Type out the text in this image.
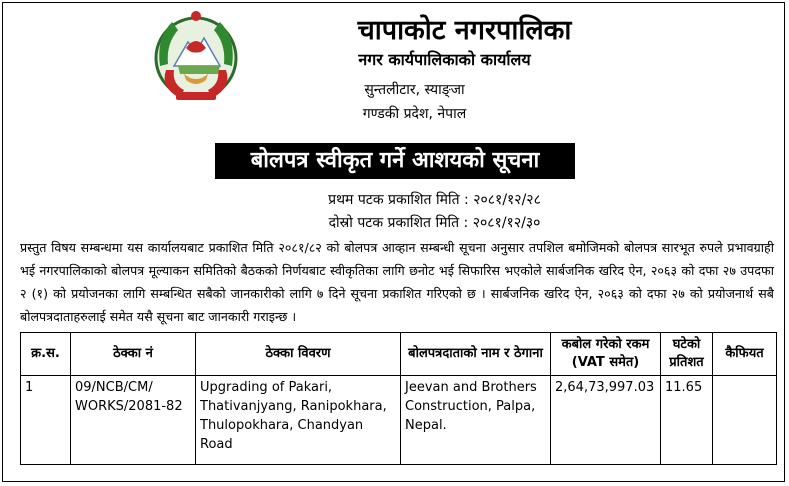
चापाकोट नगरपालिका
नगर कार्यपालिकाको कार्यालय
सुन्तलीटार, स्याङ्जा
गण्डकी प्रदेश, नेपाल
बोलपत्र स्वीकृत गर्ने आशयको सूचना
प्रथम पटक प्रकाशित मिति : २०८१/१२/२८
दोस्रो पटक प्रकाशित मिति : २०८१/१२/३०
प्रस्तुत विषय सम्बन्धमा यस कार्यालयबाट प्रकाशित मिति २०८१/८२ को बोलपत्र आव्हान सम्बन्धी सूचना अनुसार तपशिल बमोजिमको बोलपत्र सारभूत रुपले प्रभावग्राही भई नगरपालिकाको बोलपत्र मूल्याकन समितिको बैठकको निर्णयबाट स्वीकृतिका लागि छनोट भई सिफारिस भएकोले सार्बजनिक खरिद ऐन, २०६३ को दफा २७ उपदफा २ (१) को प्रयोजनका लागि सम्बन्धित सबैको जानकारीको लागि ७ दिने सूचना प्रकाशित गरिएको छ । सार्बजनिक खरिद ऐन, २०६३ को दफा २७ को प्रयोजनार्थ सबै बोलपत्रदाताहरुलाई समेत यसै सूचना बाट जानकारी गराइन्छ ।
क्र.स.	ठेक्का नं	ठेक्का विवरण	बोलपत्रदाताको नाम र ठेगाना	कबोल गरेको रकम (VAT समेत)	घटेको प्रतिशत	कैफियत
1	09/NCB/CM/ WORKS/2081-82	Upgrading of Pakari, Thativanjyang, Ranipokhara, Thulopokhara, Chandyan Road	Jeevan and Brothers Construction, Palpa, Nepal.	2,64,73,997.03	11.65	
